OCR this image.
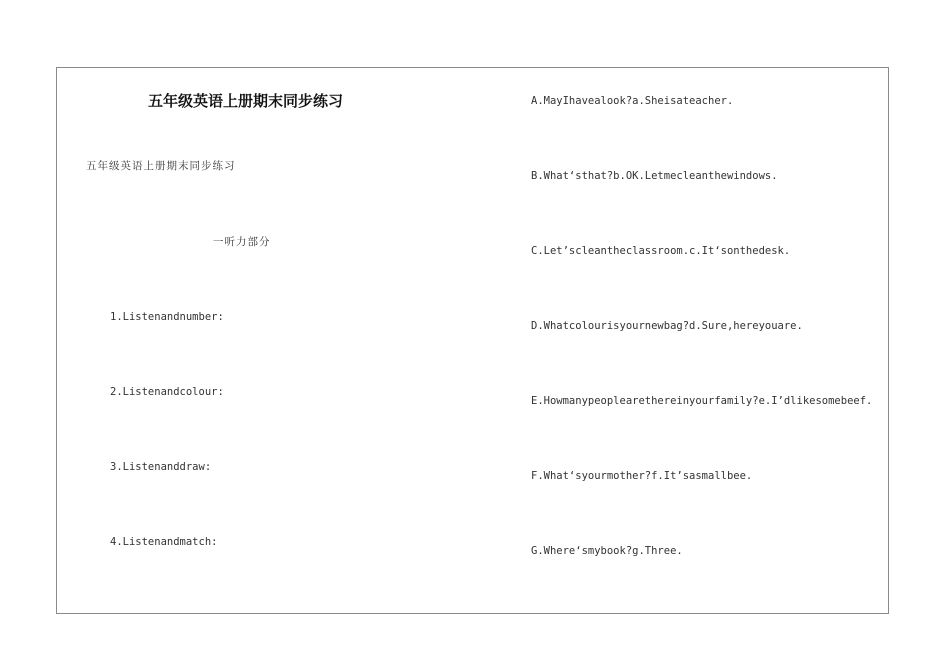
五年级英语上册期末同步练习
五年级英语上册期末同步练习
一听力部分
1.Listenandnumber:
2.Listenandcolour:
3.Listenanddraw:
4.Listenandmatch:
A.MayIhavealook?a.Sheisateacher.
B.What‘sthat?b.OK.Letmecleanthewindows.
C.Let’scleantheclassroom.c.It‘sonthedesk.
D.Whatcolourisyournewbag?d.Sure,hereyouare.
E.Howmanypeoplearethereinyourfamily?e.I’dlikesomebeef.
F.What‘syourmother?f.It’sasmallbee.
G.Where‘smybook?g.Three.
